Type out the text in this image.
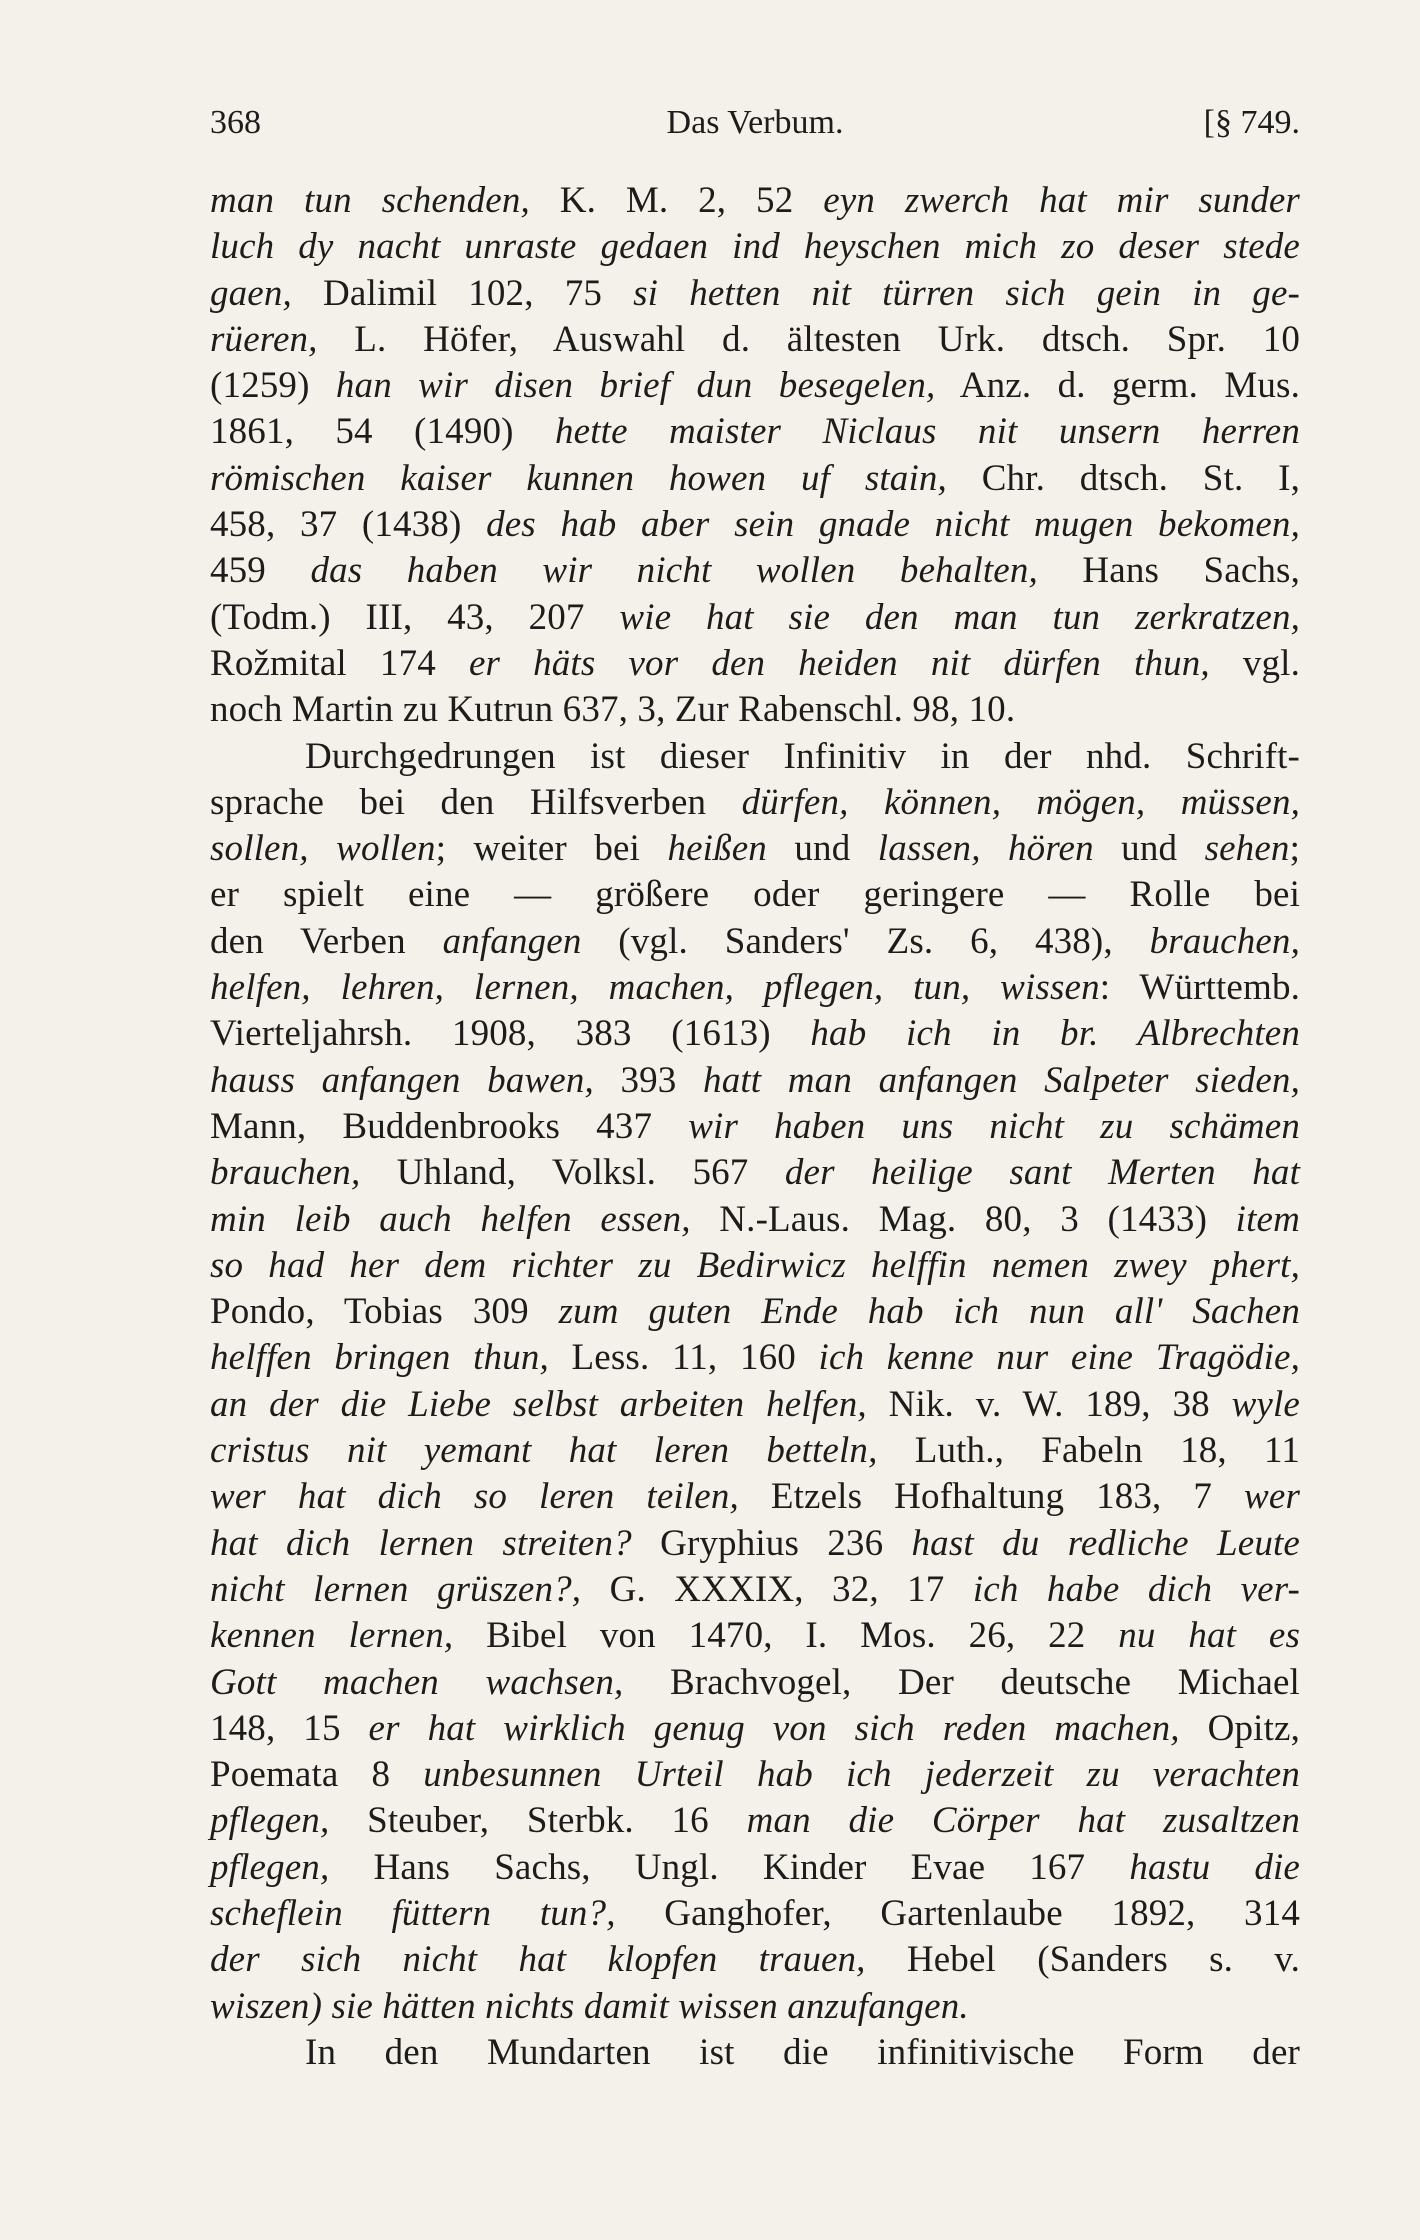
368	Das Verbum.	[§ 749.
man tun schenden, K. M. 2, 52 eyn zwerch hat mir sunder
luch dy nacht unraste gedaen ind heyschen mich zo deser stede
gaen, Dalimil 102, 75 si hetten nit türren sich gein in ge-
rüeren, L. Höfer, Auswahl d. ältesten Urk. dtsch. Spr. 10
(1259) han wir disen brief dun besegelen, Anz. d. germ. Mus.
1861, 54 (1490) hette maister Niclaus nit unsern herren
römischen kaiser kunnen howen uf stain, Chr. dtsch. St. I,
458, 37 (1438) des hab aber sein gnade nicht mugen bekomen,
459 das haben wir nicht wollen behalten, Hans Sachs,
(Todm.) III, 43, 207 wie hat sie den man tun zerkratzen,
Rožmital 174 er häts vor den heiden nit dürfen thun, vgl.
noch Martin zu Kutrun 637, 3, Zur Rabenschl. 98, 10.
Durchgedrungen ist dieser Infinitiv in der nhd. Schrift-
sprache bei den Hilfsverben dürfen, können, mögen, müssen,
sollen, wollen; weiter bei heißen und lassen, hören und sehen;
er spielt eine — größere oder geringere — Rolle bei
den Verben anfangen (vgl. Sanders' Zs. 6, 438), brauchen,
helfen, lehren, lernen, machen, pflegen, tun, wissen: Württemb.
Vierteljahrsh. 1908, 383 (1613) hab ich in br. Albrechten
hauss anfangen bawen, 393 hatt man anfangen Salpeter sieden,
Mann, Buddenbrooks 437 wir haben uns nicht zu schämen
brauchen, Uhland, Volksl. 567 der heilige sant Merten hat
min leib auch helfen essen, N.-Laus. Mag. 80, 3 (1433) item
so had her dem richter zu Bedirwicz helffin nemen zwey phert,
Pondo, Tobias 309 zum guten Ende hab ich nun all' Sachen
helffen bringen thun, Less. 11, 160 ich kenne nur eine Tragödie,
an der die Liebe selbst arbeiten helfen, Nik. v. W. 189, 38 wyle
cristus nit yemant hat leren betteln, Luth., Fabeln 18, 11
wer hat dich so leren teilen, Etzels Hofhaltung 183, 7 wer
hat dich lernen streiten? Gryphius 236 hast du redliche Leute
nicht lernen grüszen?, G. XXXIX, 32, 17 ich habe dich ver-
kennen lernen, Bibel von 1470, I. Mos. 26, 22 nu hat es
Gott machen wachsen, Brachvogel, Der deutsche Michael
148, 15 er hat wirklich genug von sich reden machen, Opitz,
Poemata 8 unbesunnen Urteil hab ich jederzeit zu verachten
pflegen, Steuber, Sterbk. 16 man die Cörper hat zusaltzen
pflegen, Hans Sachs, Ungl. Kinder Evae 167 hastu die
scheflein füttern tun?, Ganghofer, Gartenlaube 1892, 314
der sich nicht hat klopfen trauen, Hebel (Sanders s. v.
wiszen) sie hätten nichts damit wissen anzufangen.
In den Mundarten ist die infinitivische Form der
